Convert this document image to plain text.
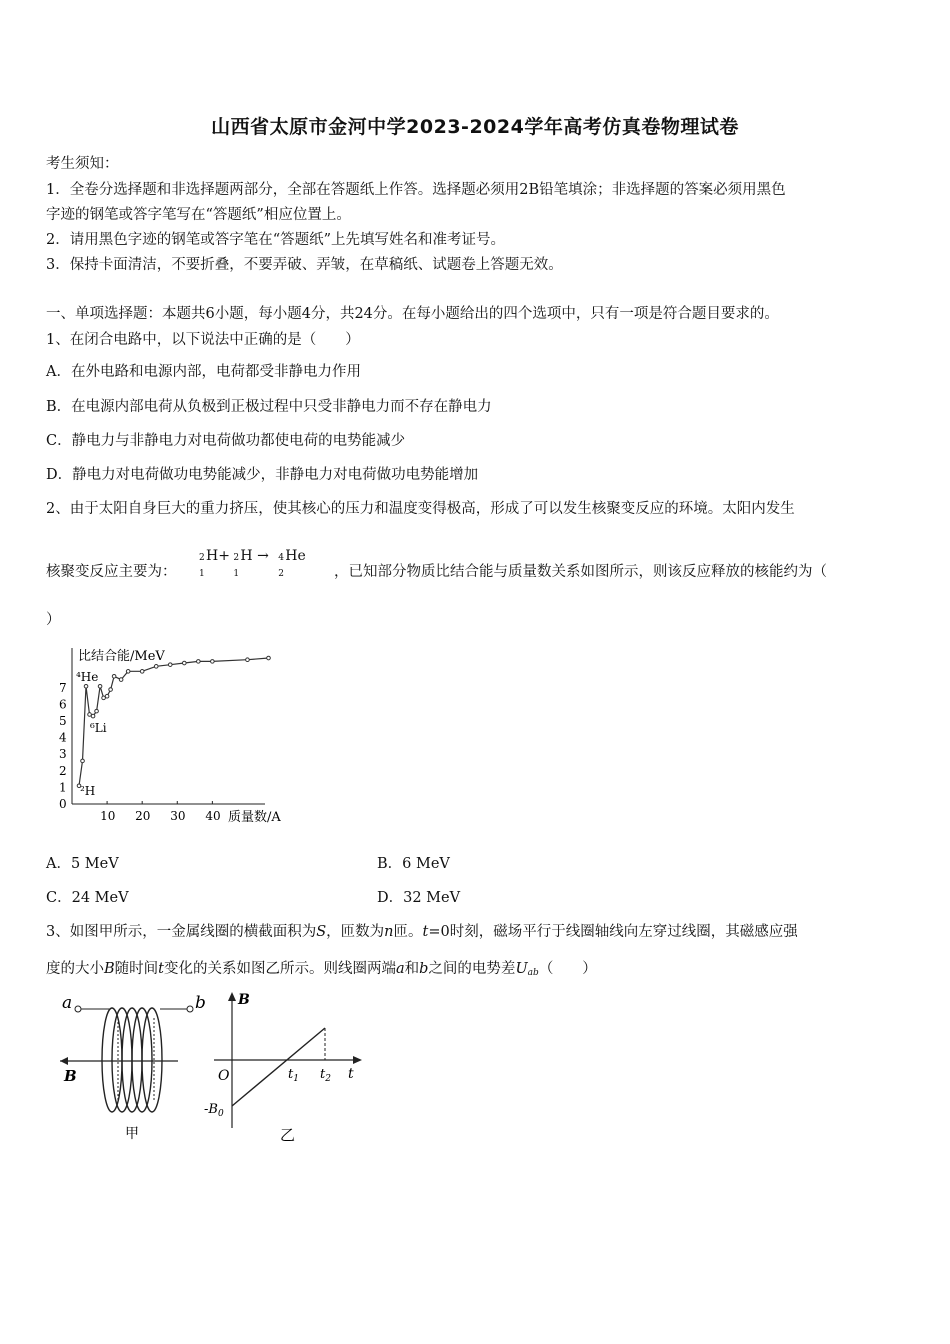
山西省太原市金河中学2023-2024学年高考仿真卷物理试卷
考生须知：
1．全卷分选择题和非选择题两部分，全部在答题纸上作答。选择题必须用2B铅笔填涂；非选择题的答案必须用黑色
字迹的钢笔或答字笔写在“答题纸”相应位置上。
2．请用黑色字迹的钢笔或答字笔在“答题纸”上先填写姓名和准考证号。
3．保持卡面清洁，不要折叠，不要弄破、弄皱，在草稿纸、试题卷上答题无效。
一、单项选择题：本题共6小题，每小题4分，共24分。在每小题给出的四个选项中，只有一项是符合题目要求的。
1、在闭合电路中，以下说法中正确的是（　　）
A．在外电路和电源内部，电荷都受非静电力作用
B．在电源内部电荷从负极到正极过程中只受非静电力而不存在静电力
C．静电力与非静电力对电荷做功都使电荷的电势能减少
D．静电力对电荷做功电势能减少，非静电力对电荷做功电势能增加
2、由于太阳自身巨大的重力挤压，使其核心的压力和温度变得极高，形成了可以发生核聚变反应的环境。太阳内发生
核聚变反应主要为：
2
1
H+ 2
1
H → 4
2
He
，已知部分物质比结合能与质量数关系如图所示，则该反应释放的核能约为（
）
比结合能/MeV
质量数/A
0
1
2
3
4
5
6
7
10 20 30 40
⁴He
⁶Li
²H
A．5 MeV	B．6 MeV
C．24 MeV	D．32 MeV
3、如图甲所示，一金属线圈的横截面积为S，匝数为n匝。t=0时刻，磁场平行于线圈轴线向左穿过线圈，其磁感应强
度的大小B随时间t变化的关系如图乙所示。则线圈两端a和b之间的电势差$U_{ab}$（　　）
a	b
B
甲
B
O	$t_1$ $t_2$ t
$-B_0$
乙
